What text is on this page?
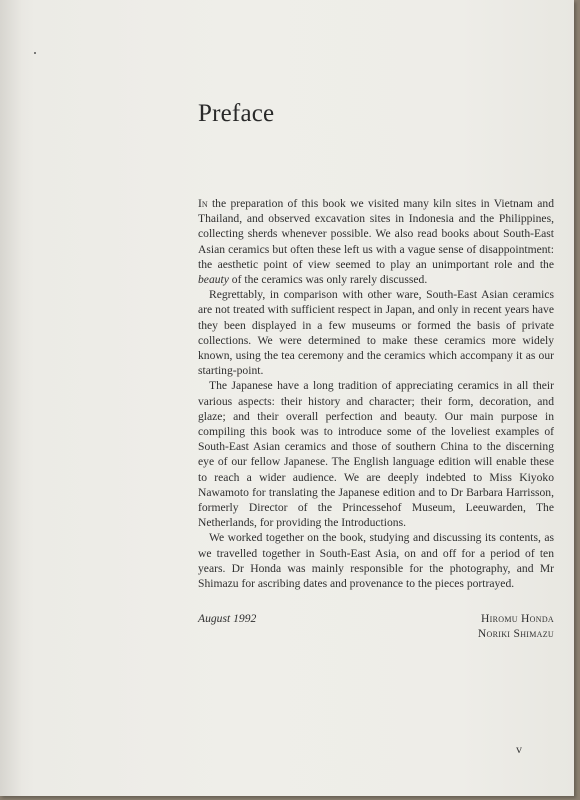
Preface

In the preparation of this book we visited many kiln sites in Vietnam and Thailand, and observed excavation sites in Indonesia and the Philippines, collecting sherds whenever possible. We also read books about South-East Asian ceramics but often these left us with a vague sense of disappointment: the aesthetic point of view seemed to play an unimportant role and the beauty of the ceramics was only rarely discussed.

Regrettably, in comparison with other ware, South-East Asian ceramics are not treated with sufficient respect in Japan, and only in recent years have they been displayed in a few museums or formed the basis of private collections. We were determined to make these ceramics more widely known, using the tea ceremony and the ceramics which accompany it as our starting-point.

The Japanese have a long tradition of appreciating ceramics in all their various aspects: their history and character; their form, decoration, and glaze; and their overall perfection and beauty. Our main purpose in compiling this book was to introduce some of the loveliest examples of South-East Asian ceramics and those of southern China to the discerning eye of our fellow Japanese. The English language edition will enable these to reach a wider audience. We are deeply indebted to Miss Kiyoko Nawamoto for translating the Japanese edition and to Dr Barbara Harrisson, formerly Director of the Princessehof Museum, Leeuwarden, The Netherlands, for providing the Introductions.

We worked together on the book, studying and discussing its contents, as we travelled together in South-East Asia, on and off for a period of ten years. Dr Honda was mainly responsible for the photography, and Mr Shimazu for ascribing dates and provenance to the pieces portrayed.

August 1992	Hiromu Honda
Noriki Shimazu
v
